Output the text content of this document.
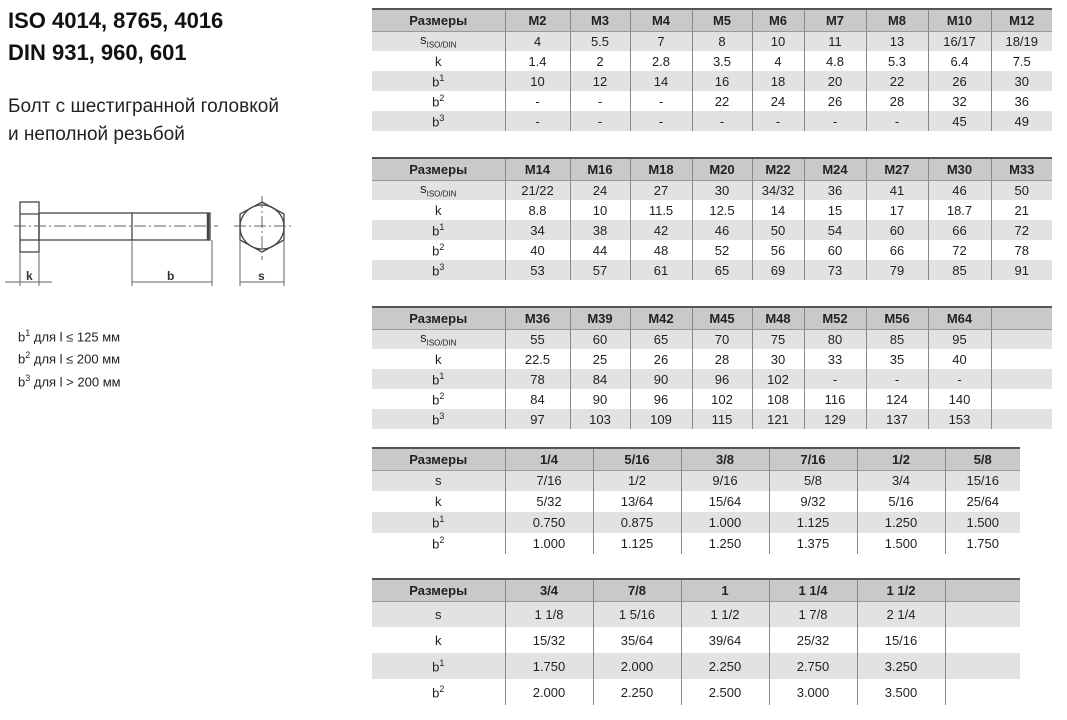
ISO 4014, 8765, 4016
DIN 931, 960, 601
Болт с шестигранной головкой
и неполной резьбой
k	b	s
$b^1$ для l ≤ 125 мм
$b^2$ для l ≤ 200 мм
$b^3$ для l > 200 мм
Размеры	M2	M3	M4	M5	M6	M7	M8	M10	M12
$s_{ISO/DIN}$	4	5.5	7	8	10	11	13	16/17	18/19
k	1.4	2	2.8	3.5	4	4.8	5.3	6.4	7.5
$b^1$	10	12	14	16	18	20	22	26	30
$b^2$	-	-	-	22	24	26	28	32	36
$b^3$	-	-	-	-	-	-	-	45	49
Размеры	M14	M16	M18	M20	M22	M24	M27	M30	M33
$s_{ISO/DIN}$	21/22	24	27	30	34/32	36	41	46	50
k	8.8	10	11.5	12.5	14	15	17	18.7	21
$b^1$	34	38	42	46	50	54	60	66	72
$b^2$	40	44	48	52	56	60	66	72	78
$b^3$	53	57	61	65	69	73	79	85	91
Размеры	M36	M39	M42	M45	M48	M52	M56	M64	
$s_{ISO/DIN}$	55	60	65	70	75	80	85	95	
k	22.5	25	26	28	30	33	35	40	
$b^1$	78	84	90	96	102	-	-	-	
$b^2$	84	90	96	102	108	116	124	140	
$b^3$	97	103	109	115	121	129	137	153	
Размеры	1/4	5/16	3/8	7/16	1/2	5/8
s	7/16	1/2	9/16	5/8	3/4	15/16
k	5/32	13/64	15/64	9/32	5/16	25/64
$b^1$	0.750	0.875	1.000	1.125	1.250	1.500
$b^2$	1.000	1.125	1.250	1.375	1.500	1.750
Размеры	3/4	7/8	1	1 1/4	1 1/2	
s	1 1/8	1 5/16	1 1/2	1 7/8	2 1/4	
k	15/32	35/64	39/64	25/32	15/16	
$b^1$	1.750	2.000	2.250	2.750	3.250	
$b^2$	2.000	2.250	2.500	3.000	3.500	
